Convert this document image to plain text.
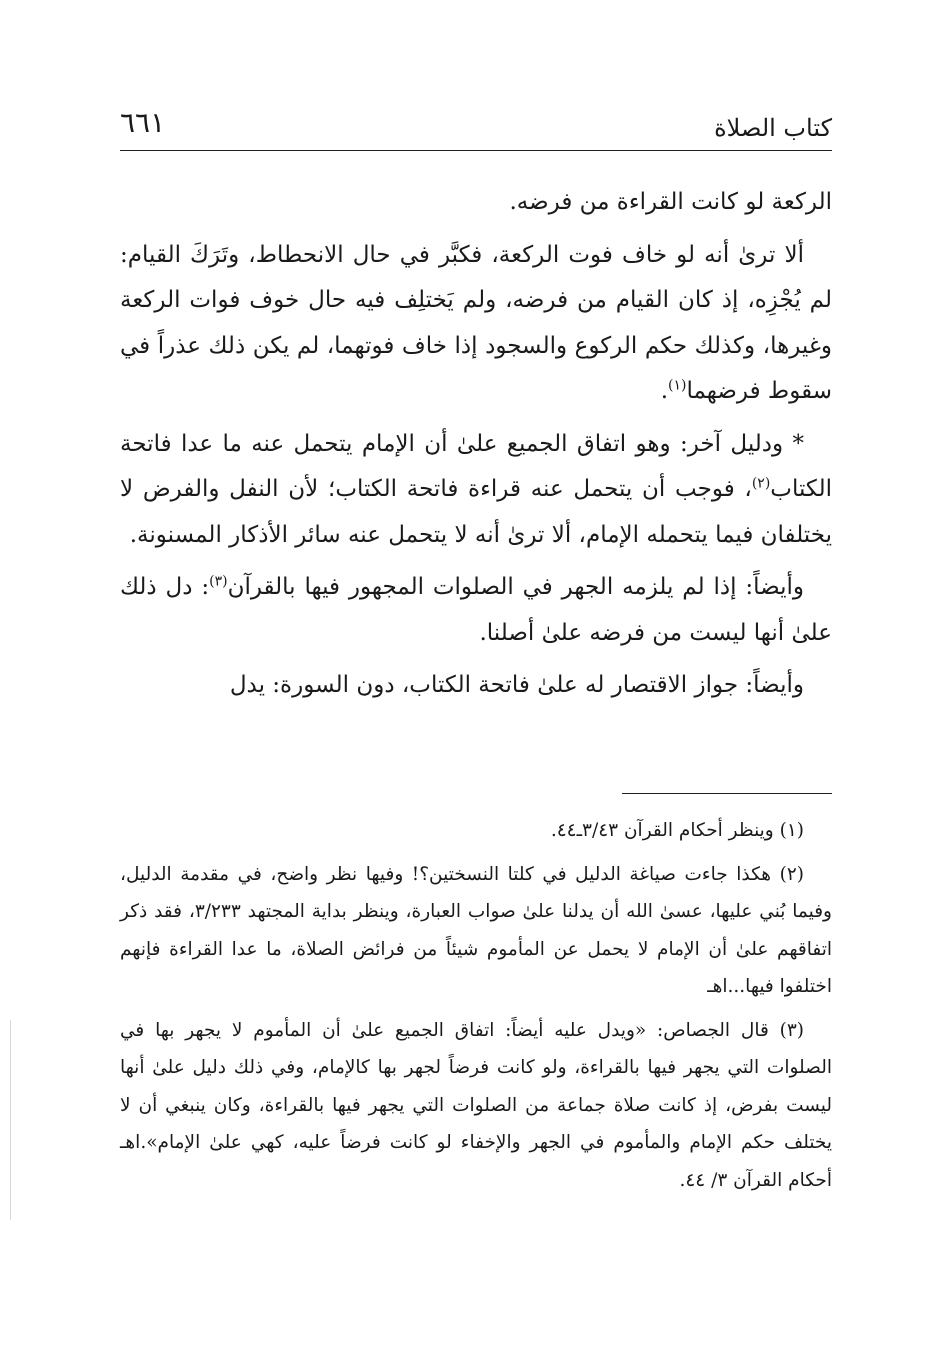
كتاب الصلاة
٦٦١

الركعة لو كانت القراءة من فرضه.

ألا ترىٰ أنه لو خاف فوت الركعة، فكبَّر في حال الانحطاط، وتَرَكَ القيام: لم يُجْزِه، إذ كان القيام من فرضه، ولم يَختلِف فيه حال خوف فوات الركعة وغيرها، وكذلك حكم الركوع والسجود إذا خاف فوتهما، لم يكن ذلك عذراً في سقوط فرضهما$^{(١)}$.

* ودليل آخر: وهو اتفاق الجميع علىٰ أن الإمام يتحمل عنه ما عدا فاتحة الكتاب$^{(٢)}$، فوجب أن يتحمل عنه قراءة فاتحة الكتاب؛ لأن النفل والفرض لا يختلفان فيما يتحمله الإمام، ألا ترىٰ أنه لا يتحمل عنه سائر الأذكار المسنونة.

وأيضاً: إذا لم يلزمه الجهر في الصلوات المجهور فيها بالقرآن$^{(٣)}$: دل ذلك علىٰ أنها ليست من فرضه علىٰ أصلنا.

وأيضاً: جواز الاقتصار له علىٰ فاتحة الكتاب، دون السورة: يدل

(١) وينظر أحكام القرآن ٣/٤٣ـ٤٤.

(٢) هكذا جاءت صياغة الدليل في كلتا النسختين؟! وفيها نظر واضح، في مقدمة الدليل، وفيما بُني عليها، عسىٰ الله أن يدلنا علىٰ صواب العبارة، وينظر بداية المجتهد ٣/٢٣٣، فقد ذكر اتفاقهم علىٰ أن الإمام لا يحمل عن المأموم شيئاً من فرائض الصلاة، ما عدا القراءة فإنهم اختلفوا فيها...اهـ

(٣) قال الجصاص: «ويدل عليه أيضاً: اتفاق الجميع علىٰ أن المأموم لا يجهر بها في الصلوات التي يجهر فيها بالقراءة، ولو كانت فرضاً لجهر بها كالإمام، وفي ذلك دليل علىٰ أنها ليست بفرض، إذ كانت صلاة جماعة من الصلوات التي يجهر فيها بالقراءة، وكان ينبغي أن لا يختلف حكم الإمام والمأموم في الجهر والإخفاء لو كانت فرضاً عليه، كهي علىٰ الإمام».اهـ أحكام القرآن ٣/ ٤٤.
